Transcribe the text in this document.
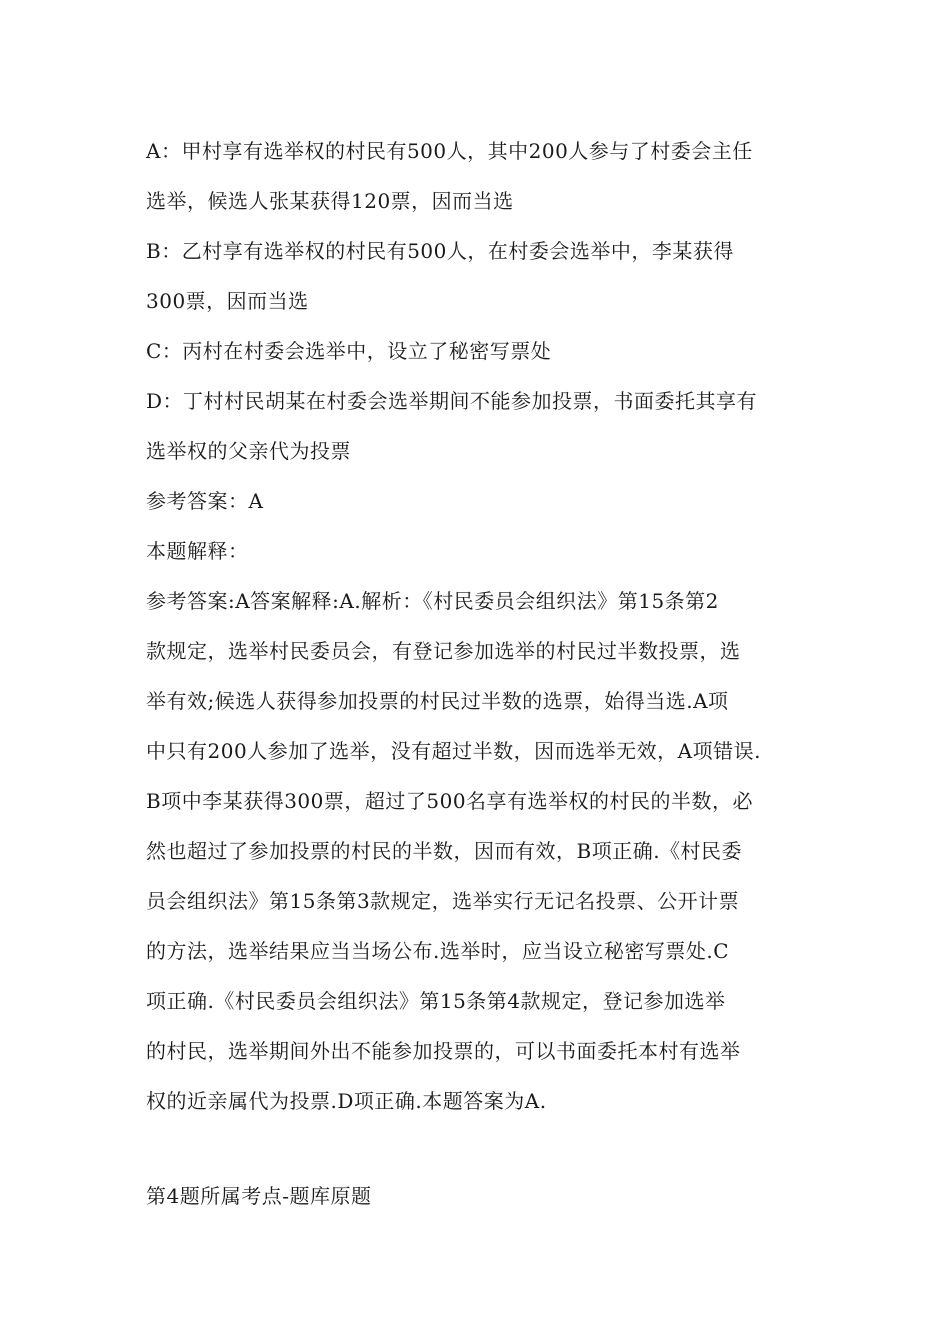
A：甲村享有选举权的村民有500人，其中200人参与了村委会主任
选举，候选人张某获得120票，因而当选
B：乙村享有选举权的村民有500人，在村委会选举中，李某获得
300票，因而当选
C：丙村在村委会选举中，设立了秘密写票处
D：丁村村民胡某在村委会选举期间不能参加投票，书面委托其享有
选举权的父亲代为投票
参考答案：A
本题解释：
参考答案:A答案解释:A.解析：《村民委员会组织法》第15条第2
款规定，选举村民委员会，有登记参加选举的村民过半数投票，选
举有效;候选人获得参加投票的村民过半数的选票，始得当选.A项
中只有200人参加了选举，没有超过半数，因而选举无效，A项错误.
B项中李某获得300票，超过了500名享有选举权的村民的半数，必
然也超过了参加投票的村民的半数，因而有效，B项正确.《村民委
员会组织法》第15条第3款规定，选举实行无记名投票、公开计票
的方法，选举结果应当当场公布.选举时，应当设立秘密写票处.C
项正确.《村民委员会组织法》第15条第4款规定，登记参加选举
的村民，选举期间外出不能参加投票的，可以书面委托本村有选举
权的近亲属代为投票.D项正确.本题答案为A.
第4题所属考点-题库原题
